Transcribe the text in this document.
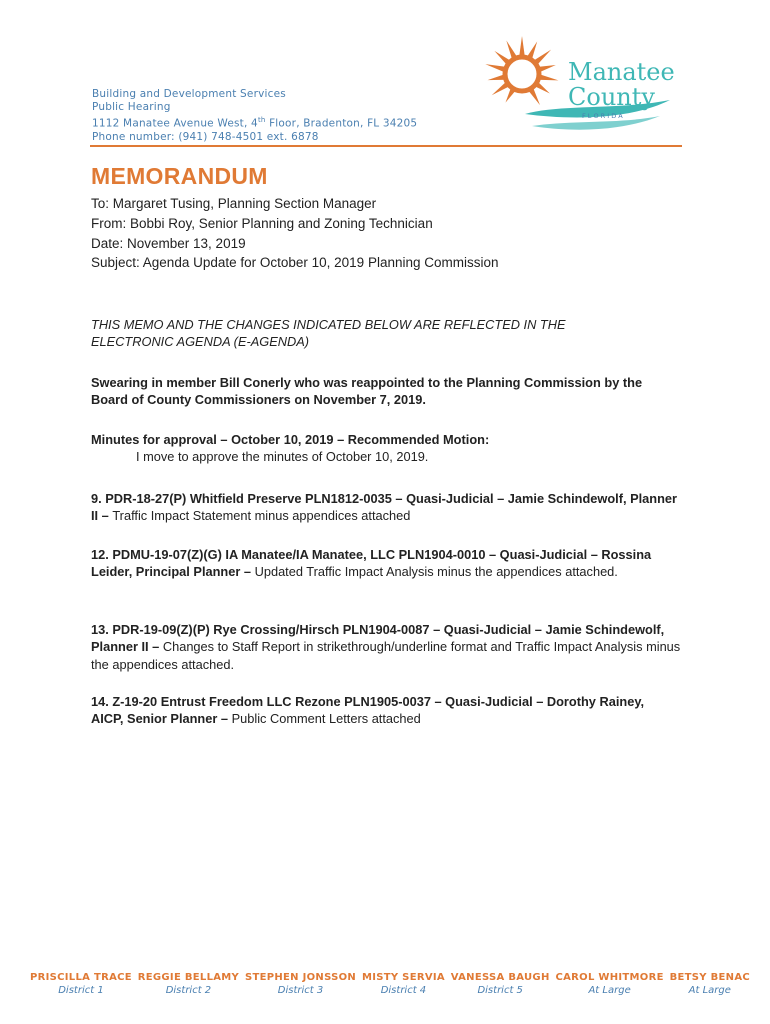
Building and Development Services
Public Hearing
1112 Manatee Avenue West, 4th Floor, Bradenton, FL 34205
Phone number: (941) 748-4501 ext. 6878
Manatee
County
F L O R I D A
MEMORANDUM
To: Margaret Tusing, Planning Section Manager
From: Bobbi Roy, Senior Planning and Zoning Technician
Date: November 13, 2019
Subject: Agenda Update for October 10, 2019 Planning Commission
THIS MEMO AND THE CHANGES INDICATED BELOW ARE REFLECTED IN THE ELECTRONIC AGENDA (E-AGENDA)
Swearing in member Bill Conerly who was reappointed to the Planning Commission by the Board of County Commissioners on November 7, 2019.
Minutes for approval – October 10, 2019 – Recommended Motion:
I move to approve the minutes of October 10, 2019.
9. PDR-18-27(P) Whitfield Preserve PLN1812-0035 – Quasi-Judicial – Jamie Schindewolf, Planner II – Traffic Impact Statement minus appendices attached
12. PDMU-19-07(Z)(G) IA Manatee/IA Manatee, LLC PLN1904-0010 – Quasi-Judicial – Rossina Leider, Principal Planner – Updated Traffic Impact Analysis minus the appendices attached.
13. PDR-19-09(Z)(P) Rye Crossing/Hirsch PLN1904-0087 – Quasi-Judicial – Jamie Schindewolf, Planner II – Changes to Staff Report in strikethrough/underline format and Traffic Impact Analysis minus the appendices attached.
14. Z-19-20 Entrust Freedom LLC Rezone PLN1905-0037 – Quasi-Judicial – Dorothy Rainey, AICP, Senior Planner – Public Comment Letters attached
PRISCILLA TRACE
District 1
REGGIE BELLAMY
District 2
STEPHEN JONSSON
District 3
MISTY SERVIA
District 4
VANESSA BAUGH
District 5
CAROL WHITMORE
At Large
BETSY BENAC
At Large
